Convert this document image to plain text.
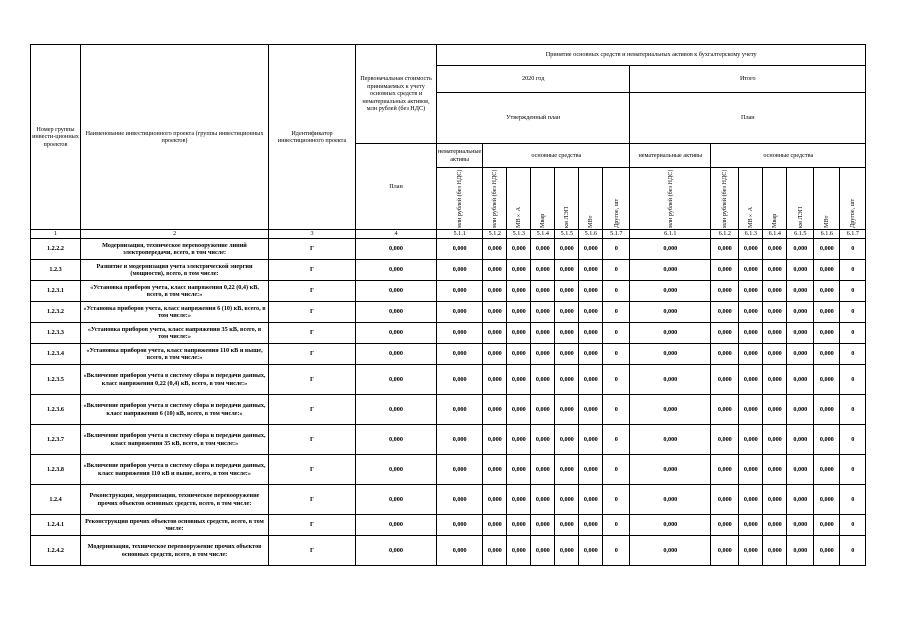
Номер группы инвести-ционных проектов	Наименование инвестиционного проекта (группы инвестиционных проектов)	Идентификатор инвестиционного проекта	Первоначальная стоимость принимаемых к учету основных средств и нематериальных активов, млн рублей (без НДС)	Принятие основных средств и нематериальных активов к бухгалтерскому учету													
				2020 год							Итого						
				Утвержденный план							План						
			План	нематериальные активы	основные средства						нематериальные активы	основные средства					

				млн рублей (без НДС)	млн рублей (без НДС)	МВ×А	Мвар	км ЛЭП	МВт	Другое, шт	млн рублей (без НДС)	млн рублей (без НДС)	МВ×А	Мвар	км ЛЭП	МВт	Другое, шт

1	2	3	4	5.1.1	5.1.2	5.1.3	5.1.4	5.1.5	5.1.6	5.1.7	6.1.1	6.1.2	6.1.3	6.1.4	6.1.5	6.1.6	6.1.7
1.2.2.2	Модернизация, техническое перевооружение линий электропередачи, всего, в том числе:	Г	0,000	0,000	0,000	0,000	0,000	0,000	0,000	0	0,000	0,000	0,000	0,000	0,000	0,000	0
1.2.3	Развитие и модернизация учета электрической энергии (мощности), всего, в том числе:	Г	0,000	0,000	0,000	0,000	0,000	0,000	0,000	0	0,000	0,000	0,000	0,000	0,000	0,000	0
1.2.3.1	«Установка приборов учета, класс напряжения 0,22 (0,4) кВ, всего, в том числе:»	Г	0,000	0,000	0,000	0,000	0,000	0,000	0,000	0	0,000	0,000	0,000	0,000	0,000	0,000	0
1.2.3.2	«Установка приборов учета, класс напряжения 6 (10) кВ, всего, в том числе:»	Г	0,000	0,000	0,000	0,000	0,000	0,000	0,000	0	0,000	0,000	0,000	0,000	0,000	0,000	0
1.2.3.3	«Установка приборов учета, класс напряжения 35 кВ, всего, в том числе:»	Г	0,000	0,000	0,000	0,000	0,000	0,000	0,000	0	0,000	0,000	0,000	0,000	0,000	0,000	0
1.2.3.4	«Установка приборов учета, класс напряжения 110 кВ и выше, всего, в том числе:»	Г	0,000	0,000	0,000	0,000	0,000	0,000	0,000	0	0,000	0,000	0,000	0,000	0,000	0,000	0
1.2.3.5	«Включение приборов учета в систему сбора и передачи данных, класс напряжения 0,22 (0,4) кВ, всего, в том числе:»	Г	0,000	0,000	0,000	0,000	0,000	0,000	0,000	0	0,000	0,000	0,000	0,000	0,000	0,000	0
1.2.3.6	«Включение приборов учета в систему сбора и передачи данных, класс напряжения 6 (10) кВ, всего, в том числе:»	Г	0,000	0,000	0,000	0,000	0,000	0,000	0,000	0	0,000	0,000	0,000	0,000	0,000	0,000	0
1.2.3.7	«Включение приборов учета в систему сбора и передачи данных, класс напряжения 35 кВ, всего, в том числе:»	Г	0,000	0,000	0,000	0,000	0,000	0,000	0,000	0	0,000	0,000	0,000	0,000	0,000	0,000	0
1.2.3.8	«Включение приборов учета в систему сбора и передачи данных, класс напряжения 110 кВ и выше, всего, в том числе:»	Г	0,000	0,000	0,000	0,000	0,000	0,000	0,000	0	0,000	0,000	0,000	0,000	0,000	0,000	0
1.2.4	Реконструкция, модернизация, техническое перевооружение прочих объектов основных средств, всего, в том числе:	Г	0,000	0,000	0,000	0,000	0,000	0,000	0,000	0	0,000	0,000	0,000	0,000	0,000	0,000	0
1.2.4.1	Реконструкция прочих объектов основных средств, всего, в том числе:	Г	0,000	0,000	0,000	0,000	0,000	0,000	0,000	0	0,000	0,000	0,000	0,000	0,000	0,000	0
1.2.4.2	Модернизация, техническое перевооружение прочих объектов основных средств, всего, в том числе:	Г	0,000	0,000	0,000	0,000	0,000	0,000	0,000	0	0,000	0,000	0,000	0,000	0,000	0,000	0
